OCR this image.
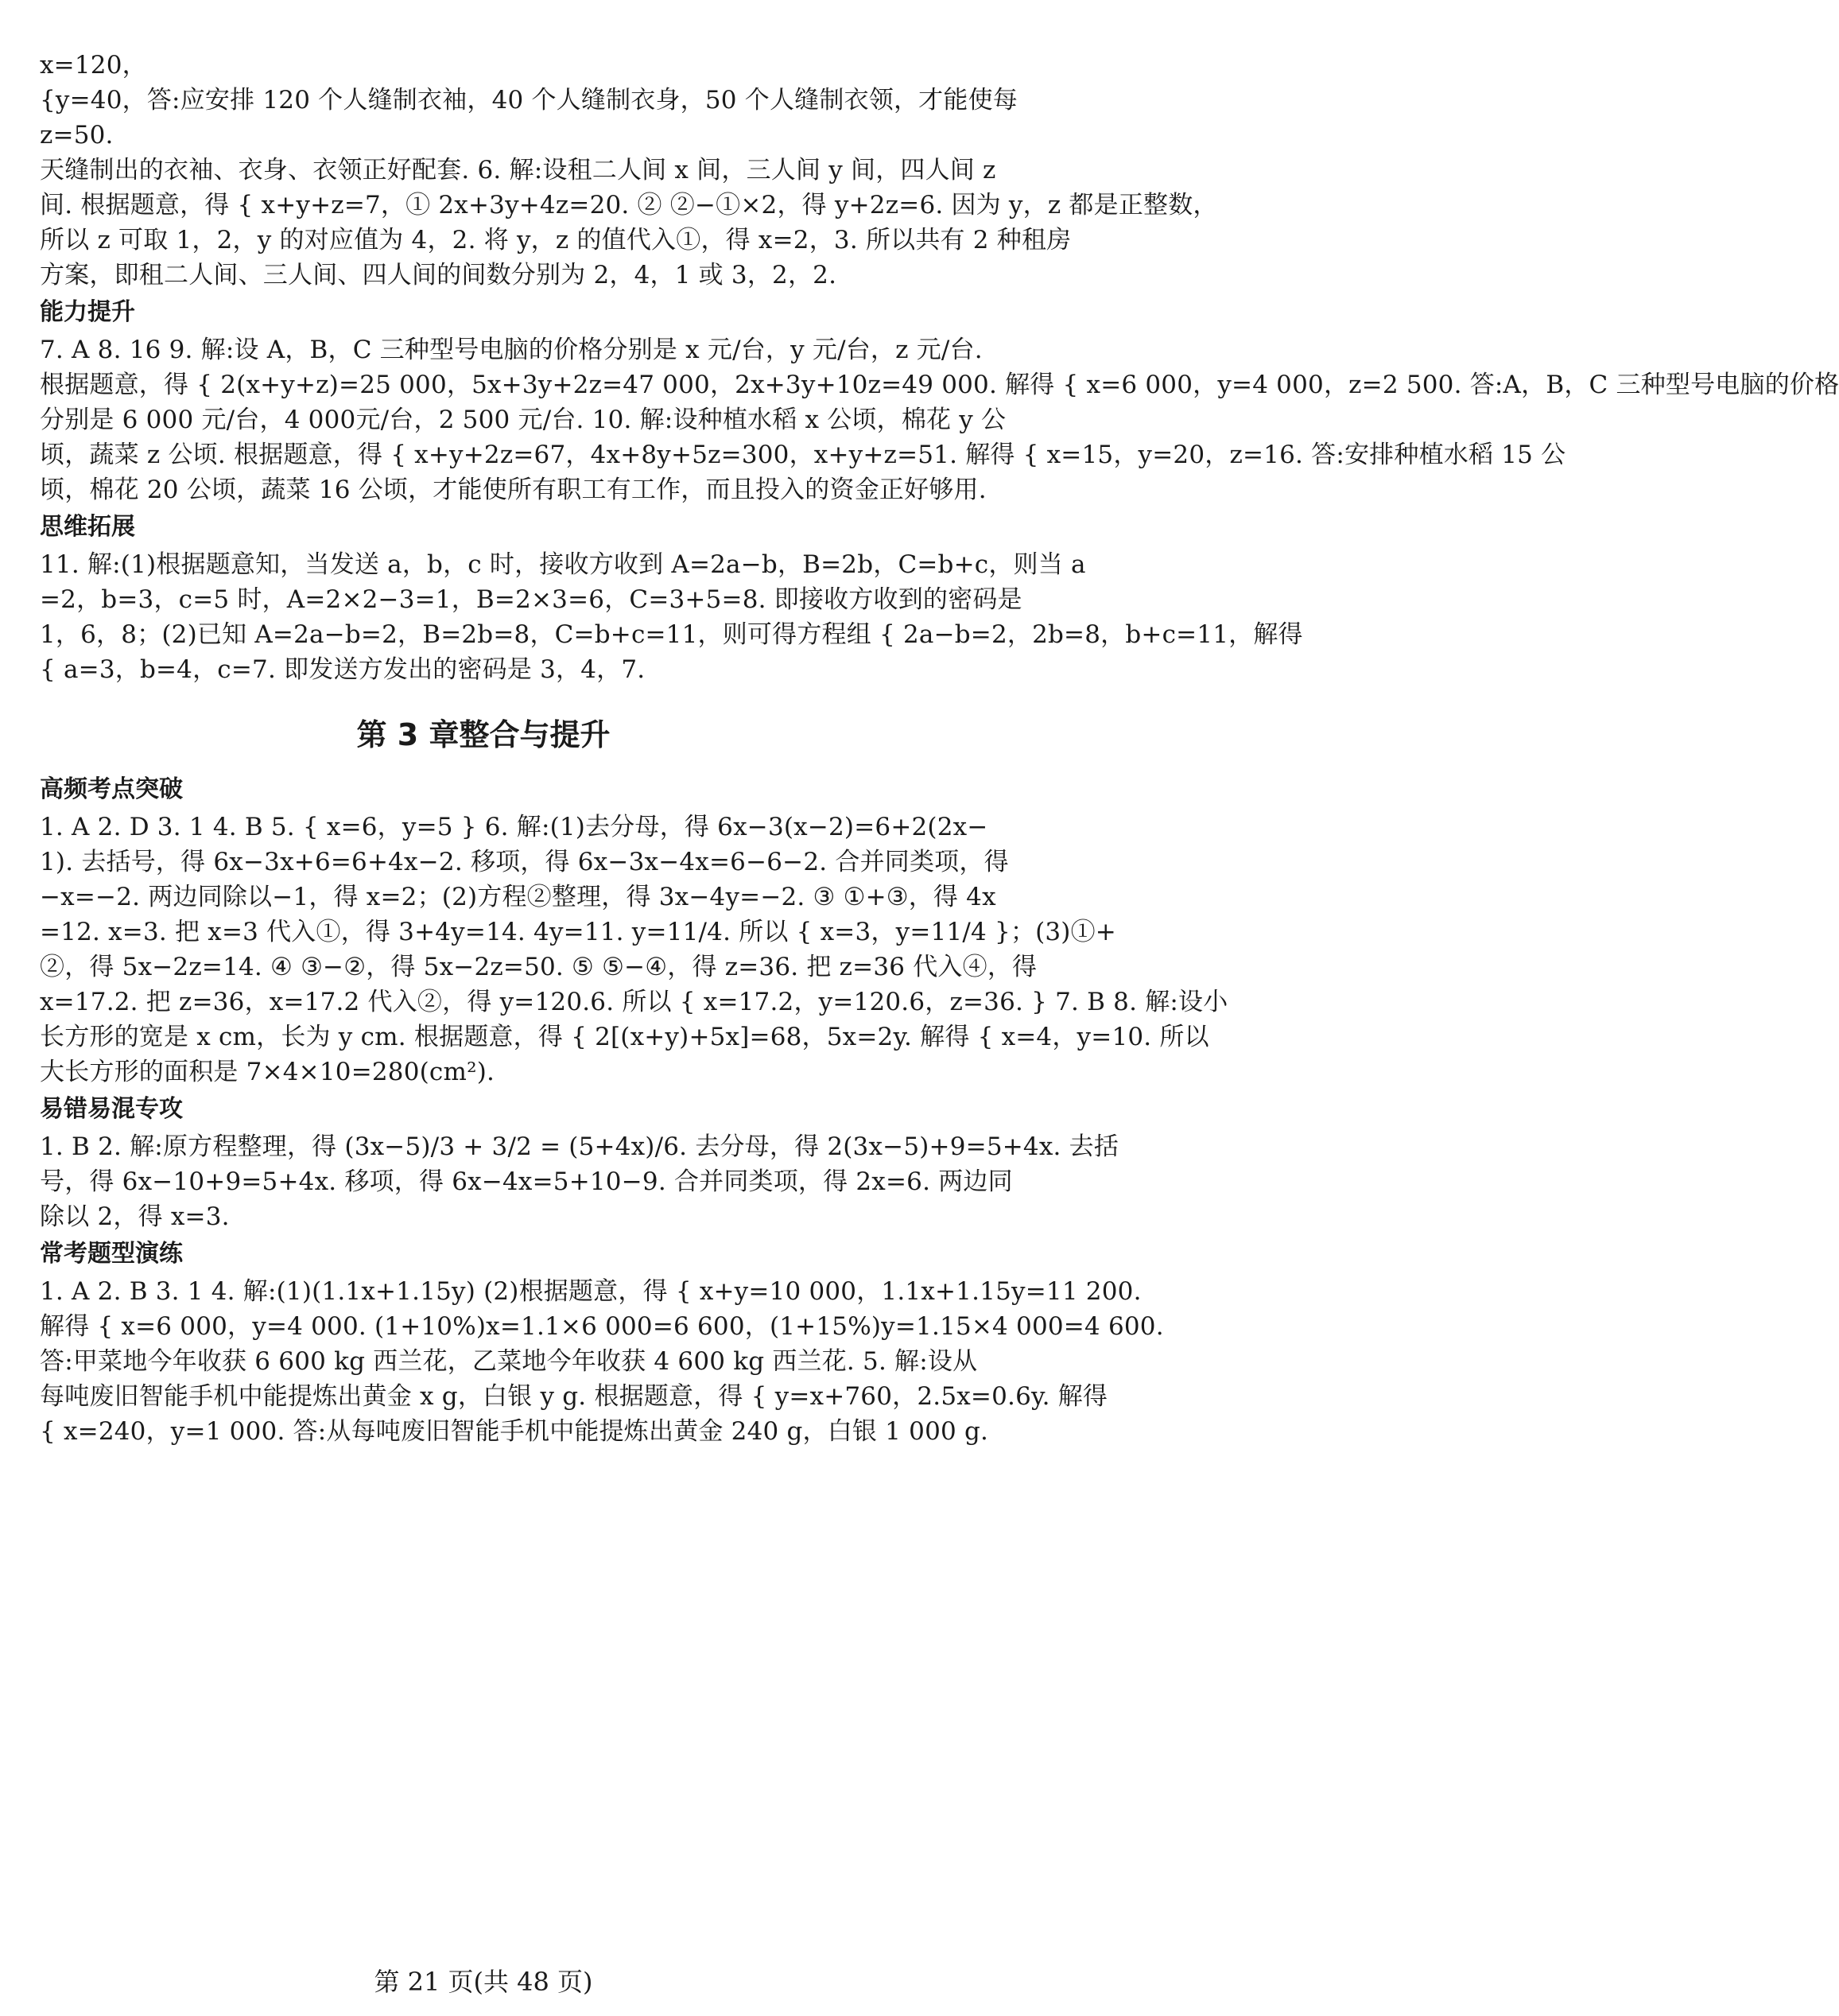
x=120，
{y=40，答:应安排 120 个人缝制衣袖，40 个人缝制衣身，50 个人缝制衣领，才能使每
z=50.
天缝制出的衣袖、衣身、衣领正好配套. 6. 解:设租二人间 x 间，三人间 y 间，四人间 z
间. 根据题意，得 { x+y+z=7，① 2x+3y+4z=20. ② ②−①×2，得 y+2z=6. 因为 y，z 都是正整数，
所以 z 可取 1，2，y 的对应值为 4，2. 将 y，z 的值代入①，得 x=2，3. 所以共有 2 种租房
方案，即租二人间、三人间、四人间的间数分别为 2，4，1 或 3，2，2.
能力提升
7. A 8. 16 9. 解:设 A，B，C 三种型号电脑的价格分别是 x 元/台，y 元/台，z 元/台.
根据题意，得 { 2(x+y+z)=25 000，5x+3y+2z=47 000，2x+3y+10z=49 000. 解得 { x=6 000，y=4 000，z=2 500. 答:A，B，C 三种型号电脑的价格
分别是 6 000 元/台，4 000元/台，2 500 元/台. 10. 解:设种植水稻 x 公顷，棉花 y 公
顷，蔬菜 z 公顷. 根据题意，得 { x+y+2z=67，4x+8y+5z=300，x+y+z=51. 解得 { x=15，y=20，z=16. 答:安排种植水稻 15 公
顷，棉花 20 公顷，蔬菜 16 公顷，才能使所有职工有工作，而且投入的资金正好够用.
思维拓展
11. 解:(1)根据题意知，当发送 a，b，c 时，接收方收到 A=2a−b，B=2b，C=b+c，则当 a
=2，b=3，c=5 时，A=2×2−3=1，B=2×3=6，C=3+5=8. 即接收方收到的密码是
1，6，8；(2)已知 A=2a−b=2，B=2b=8，C=b+c=11，则可得方程组 { 2a−b=2，2b=8，b+c=11，解得
{ a=3，b=4，c=7. 即发送方发出的密码是 3，4，7.
第 3 章整合与提升
高频考点突破
1. A 2. D 3. 1 4. B 5. { x=6，y=5 } 6. 解:(1)去分母，得 6x−3(x−2)=6+2(2x−
1). 去括号，得 6x−3x+6=6+4x−2. 移项，得 6x−3x−4x=6−6−2. 合并同类项，得
−x=−2. 两边同除以−1，得 x=2；(2)方程②整理，得 3x−4y=−2. ③ ①+③，得 4x
=12. x=3. 把 x=3 代入①，得 3+4y=14. 4y=11. y=11/4. 所以 { x=3，y=11/4 }；(3)①+
②，得 5x−2z=14. ④ ③−②，得 5x−2z=50. ⑤ ⑤−④，得 z=36. 把 z=36 代入④，得
x=17.2. 把 z=36，x=17.2 代入②，得 y=120.6. 所以 { x=17.2，y=120.6，z=36. } 7. B 8. 解:设小
长方形的宽是 x cm，长为 y cm. 根据题意，得 { 2[(x+y)+5x]=68，5x=2y. 解得 { x=4，y=10. 所以
大长方形的面积是 7×4×10=280(cm²).
易错易混专攻
1. B 2. 解:原方程整理，得 (3x−5)/3 + 3/2 = (5+4x)/6. 去分母，得 2(3x−5)+9=5+4x. 去括
号，得 6x−10+9=5+4x. 移项，得 6x−4x=5+10−9. 合并同类项，得 2x=6. 两边同
除以 2，得 x=3.
常考题型演练
1. A 2. B 3. 1 4. 解:(1)(1.1x+1.15y) (2)根据题意，得 { x+y=10 000，1.1x+1.15y=11 200.
解得 { x=6 000，y=4 000. (1+10%)x=1.1×6 000=6 600，(1+15%)y=1.15×4 000=4 600.
答:甲菜地今年收获 6 600 kg 西兰花，乙菜地今年收获 4 600 kg 西兰花. 5. 解:设从
每吨废旧智能手机中能提炼出黄金 x g，白银 y g. 根据题意，得 { y=x+760，2.5x=0.6y. 解得
{ x=240，y=1 000. 答:从每吨废旧智能手机中能提炼出黄金 240 g，白银 1 000 g.
第 21 页(共 48 页)
